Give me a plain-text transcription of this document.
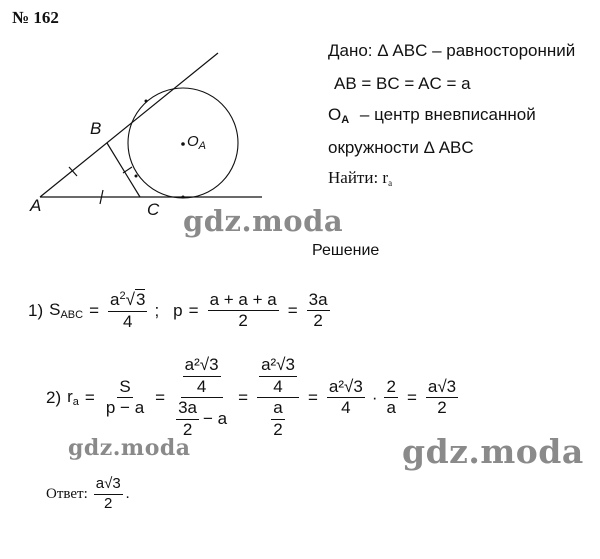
№ 162
A
B
C
$O_A$
Дано: Δ ABC – равносторонний
AB = BC = AC = a
$O_A$ – центр вневписанной
окружности Δ ABC
Найти: $r_a$
gdz.moda
Решение
1) $S_{ABC} = \frac{a^2√3}{4}$ ; $p = \frac{a + a + a}{2} = \frac{3a}{2}$
2) $r_a = \frac{S}{p - a} = \frac{\frac{\text{a²√3}}{4}}{\frac{3a}{2} - a} = \frac{\frac{\text{a²√3}}{4}}{\frac{a}{2}} = \frac{\text{a²√3}}{4} \cdot \frac{2}{a} = \frac{a√3}{2}$
gdz.moda	gdz.moda
Ответ: $\frac{a√3}{2}$ .
